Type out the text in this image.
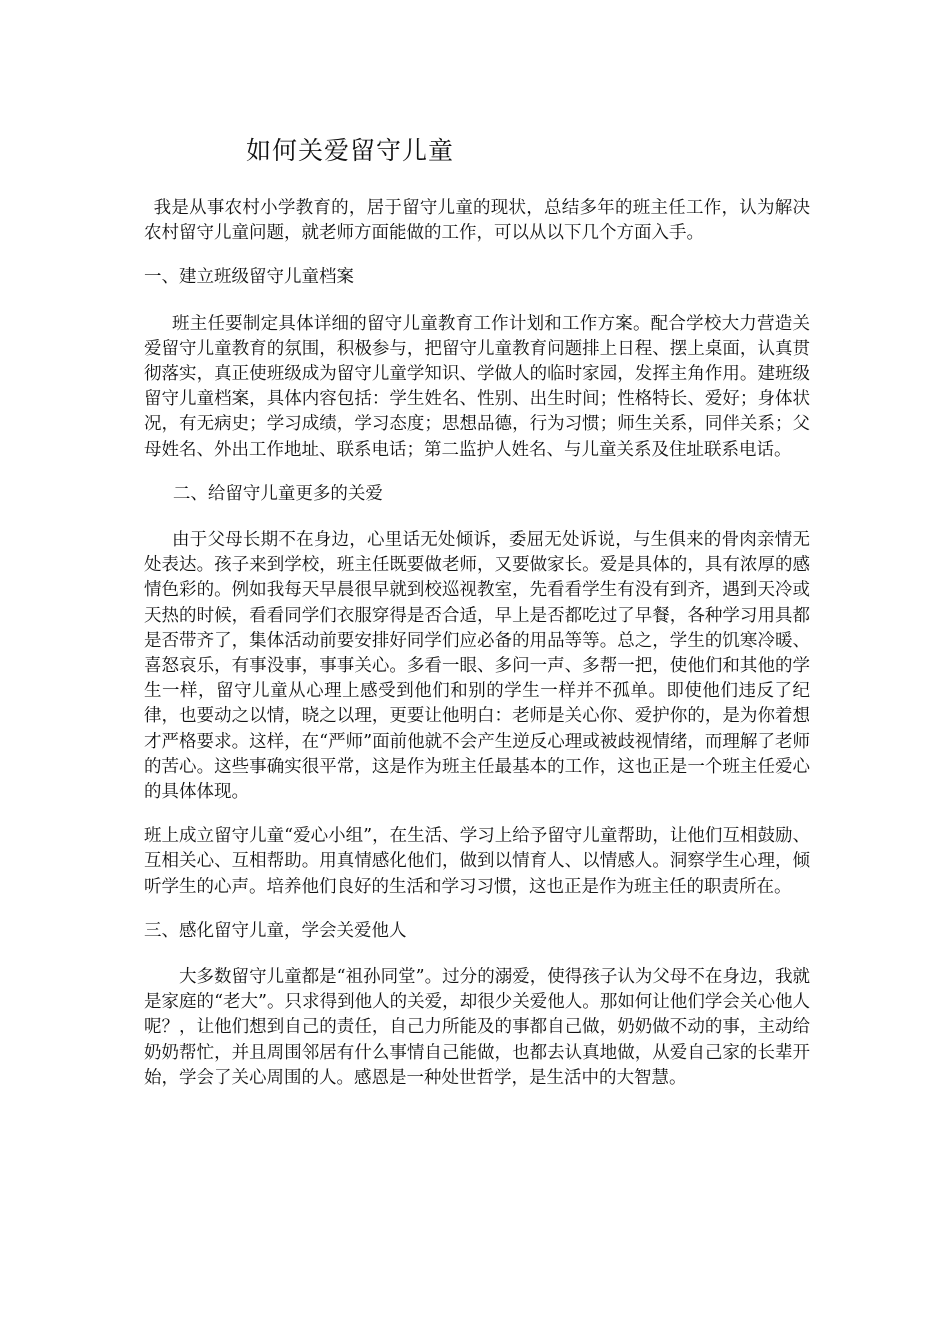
如何关爱留守儿童

我是从事农村小学教育的，居于留守儿童的现状，总结多年的班主任工作，认为解决农村留守儿童问题，就老师方面能做的工作，可以从以下几个方面入手。

一、建立班级留守儿童档案

班主任要制定具体详细的留守儿童教育工作计划和工作方案。配合学校大力营造关爱留守儿童教育的氛围，积极参与，把留守儿童教育问题排上日程、摆上桌面，认真贯彻落实，真正使班级成为留守儿童学知识、学做人的临时家园，发挥主角作用。建班级留守儿童档案，具体内容包括：学生姓名、性别、出生时间；性格特长、爱好；身体状况，有无病史；学习成绩，学习态度；思想品德，行为习惯；师生关系，同伴关系；父母姓名、外出工作地址、联系电话；第二监护人姓名、与儿童关系及住址联系电话。

二、给留守儿童更多的关爱

由于父母长期不在身边，心里话无处倾诉，委屈无处诉说，与生俱来的骨肉亲情无处表达。孩子来到学校，班主任既要做老师，又要做家长。爱是具体的，具有浓厚的感情色彩的。例如我每天早晨很早就到校巡视教室，先看看学生有没有到齐，遇到天冷或天热的时候，看看同学们衣服穿得是否合适，早上是否都吃过了早餐，各种学习用具都是否带齐了，集体活动前要安排好同学们应必备的用品等等。总之，学生的饥寒冷暖、喜怒哀乐，有事没事，事事关心。多看一眼、多问一声、多帮一把，使他们和其他的学生一样，留守儿童从心理上感受到他们和别的学生一样并不孤单。即使他们违反了纪律，也要动之以情，晓之以理，更要让他明白：老师是关心你、爱护你的，是为你着想才严格要求。这样，在“严师”面前他就不会产生逆反心理或被歧视情绪，而理解了老师的苦心。这些事确实很平常，这是作为班主任最基本的工作，这也正是一个班主任爱心的具体体现。

班上成立留守儿童“爱心小组”，在生活、学习上给予留守儿童帮助，让他们互相鼓励、互相关心、互相帮助。用真情感化他们，做到以情育人、以情感人。洞察学生心理，倾听学生的心声。培养他们良好的生活和学习习惯，这也正是作为班主任的职责所在。

三、感化留守儿童，学会关爱他人

大多数留守儿童都是“祖孙同堂”。过分的溺爱，使得孩子认为父母不在身边，我就是家庭的“老大”。只求得到他人的关爱，却很少关爱他人。那如何让他们学会关心他人呢？，让他们想到自己的责任，自己力所能及的事都自己做，奶奶做不动的事，主动给奶奶帮忙，并且周围邻居有什么事情自己能做，也都去认真地做，从爱自己家的长辈开始，学会了关心周围的人。感恩是一种处世哲学，是生活中的大智慧。
